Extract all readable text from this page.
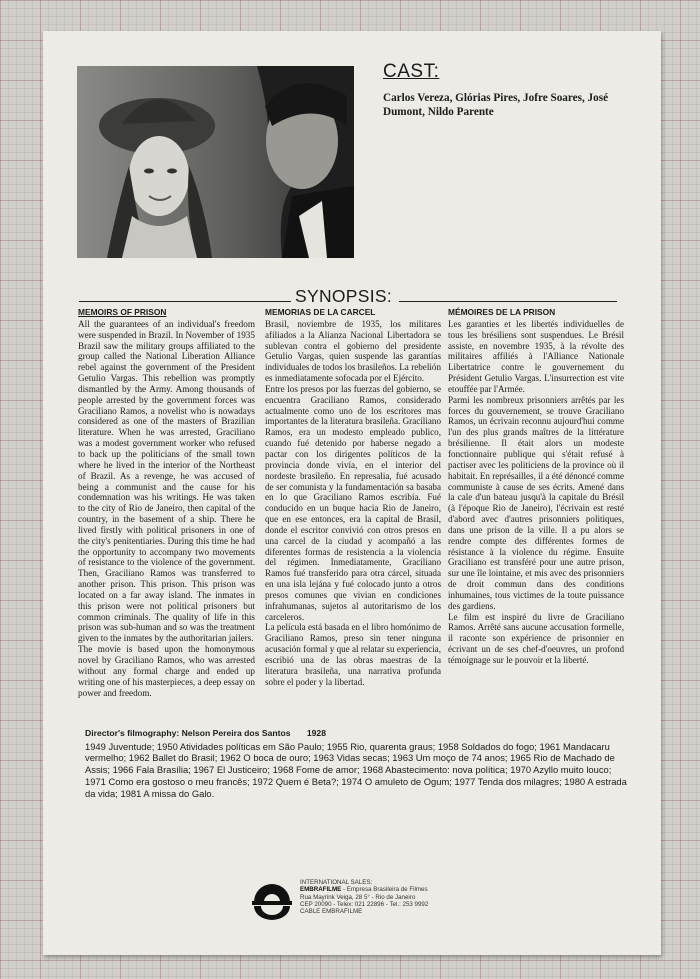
CAST:
Carlos Vereza, Glórias Pires, Jofre Soares, José Dumont, Nildo Parente
SYNOPSIS:
MEMOIRS OF PRISON

All the guarantees of an individual's freedom were suspended in Brazil. In November of 1935 Brazil saw the military groups affiliated to the group called the National Liberation Alliance rebel against the government of the President Getulio Vargas. This rebellion was promptly dismantled by the Army. Among thousands of people arrested by the government forces was Graciliano Ramos, a novelist who is nowadays considered as one of the masters of Brazilian literature. When he was arrested, Graciliano was a modest government worker who refused to back up the politicians of the small town where he lived in the interior of the Northeast of Brazil. As a revenge, he was accused of being a communist and the cause for his condemnation was his writings. He was taken to the city of Rio de Janeiro, then capital of the country, in the basement of a ship. There he lived firstly with political prisoners in one of the city's penitentiaries. During this time he had the opportunity to accompany two movements of resistance to the violence of the government. Then, Graciliano Ramos was transferred to another prison. This prison. This prison was located on a far away island. The inmates in this prison were not political prisoners but common criminals. The quality of life in this prison was sub-human and so was the treatment given to the inmates by the authoritarian jailers.

The movie is based upon the homonymous novel by Graciliano Ramos, who was arrested without any formal charge and ended up writing one of his masterpieces, a deep essay on power and freedom.

MEMORIAS DE LA CARCEL

Brasil, noviembre de 1935, los militares afiliados a la Alianza Nacional Libertadora se sublevan contra el gobierno del presidente Getulio Vargas, quien suspende las garantías individuales de todos los brasileños. La rebelión es inmediatamente sofocada por el Ejército.

Entre los presos por las fuerzas del gobierno, se encuentra Graciliano Ramos, considerado actualmente como uno de los escritores mas importantes de la literatura brasileña. Graciliano Ramos, era un modesto empleado publico, cuando fué detenido por haberse negado a pactar con los dirigentes políticos de la provincia donde vivía, en el interior del nordeste brasileño. En represalia, fué acusado de ser comunista y la fundamentación sa basaba en lo que Graciliano Ramos escribía. Fué conducido en un buque hacia Rio de Janeiro, que en ese entonces, era la capital de Brasil, donde el escritor convivió con otros presos en una carcel de la ciudad y acompañó a las diferentes formas de resistencia a la violencia del régimen. Inmediatamente, Graciliano Ramos fué transferido para otra cárcel, situada en una isla lejána y fué colocado junto a otros presos comunes que vivian en condiciones infrahumanas, sujetos al autoritarismo de los carceleros.

La película está basada en el libro homónimo de Graciliano Ramos, preso sin tener ninguna acusación formal y que al relatar su experiencia, escribió una de las obras maestras de la literatura brasileña, una narrativa profunda sobre el poder y la libertad.

MÉMOIRES DE LA PRISON

Les garanties et les libertés individuelles de tous les brésiliens sont suspendues. Le Brésil assiste, en novembre 1935, à la révolte des militaires affiliés à l'Alliance Nationale Libertatrice contre le gouvernement du Président Getulio Vargas. L'insurrection est vite etouffée par l'Armée.

Parmi les nombreux prisonniers arrêtés par les forces du gouvernement, se trouve Graciliano Ramos, un écrivain reconnu aujourd'hui comme l'un des plus grands maîtres de la littérature brésilienne. Il était alors un modeste fonctionnaire publique qui s'était refusé à pactiser avec les politiciens de la province où il habitait. En représailles, il a été dénoncé comme communiste à cause de ses écrits. Amené dans la cale d'un bateau jusqu'à la capitale du Brésil (à l'époque Rio de Janeiro), l'écrivain est resté d'abord avec d'autres prisonniers politiques, dans une prison de la ville. Il a pu alors se rendre compte des différentes formes de résistance à la violence du régime. Ensuite Graciliano est transféré pour une autre prison, sur une île lointaine, et mis avec des prisonniers de droit commun dans des conditions inhumaines, tous victimes de la toute puissance des gardiens.

Le film est inspiré du livre de Graciliano Ramos. Arrêté sans aucune accusation formelle, il raconte son expérience de prisonnier en écrivant un de ses chef-d'oeuvres, un profond témoignage sur le pouvoir et la liberté.

Director's filmography: Nelson Pereira dos Santos 1928
1949 Juventude; 1950 Atividades políticas em São Paulo; 1955 Rio, quarenta graus; 1958 Soldados do fogo; 1961 Mandacaru vermelho; 1962 Ballet do Brasil; 1962 O boca de ouro; 1963 Vidas secas; 1963 Um moço de 74 anos; 1965 Rio de Machado de Assis; 1966 Fala Brasília; 1967 El Justiceiro; 1968 Fome de amor; 1968 Abastecimento: nova política; 1970 Azyllo muito louco; 1971 Como era gostoso o meu francês; 1972 Quem é Beta?; 1974 O amuleto de Ogum; 1977 Tenda dos milagres; 1980 A estrada da vida; 1981 A missa do Galo.
INTERNATIONAL SALES:
EMBRAFILME - Empresa Brasileira de Filmes
Rua Mayrink Veiga, 28 5° - Rio de Janeiro
CEP 20090 - Telex: 021 22896 - Tel.: 253 9992
CABLE EMBRAFILME
